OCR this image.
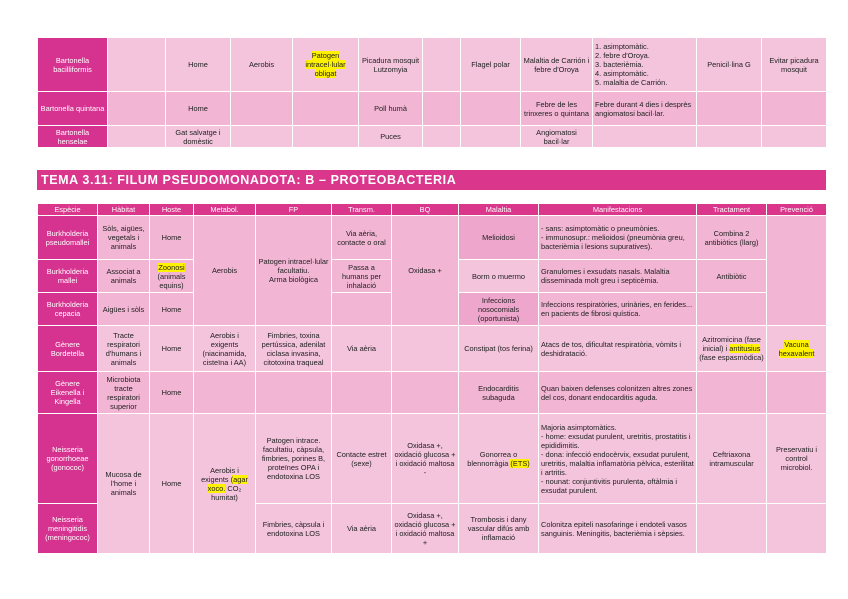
Bartonella bacilliformis		Home	Aerobis	Patogen intracel·lular obligat	Picadura mosquit Lutzomyia		Flagel polar	Malaltia de Carrión i febre d'Oroya	1. asimptomàtic.
2. febre d'Oroya.
3. bacterièmia.
4. asimptomàtic.
5. malaltia de Carrión.	Penicil·lina G	Evitar picadura mosquit
Bartonella quintana		Home			Poll humà			Febre de les trinxeres o quintana	Febre durant 4 dies i desprès angiomatosi bacil·lar.		
Bartonella henselae		Gat salvatge i domèstic			Puces			Angiomatosi bacil·lar			
TEMA 3.11: FILUM PSEUDOMONADOTA: B – PROTEOBACTERIA
Espècie	Hàbitat	Hoste	Metabol.	FP	Transm.	BQ	Malaltia	Manifestacions	Tractament	Prevenció
Burkholderia pseudomallei	Sòls, aigües, vegetals i animals	Home	Aerobis	Patogen intracel·lular facultatiu.
Arma biològica	Via aèria, contacte o oral	Oxidasa +	Melioidosi	- sans: asimptomàtic o pneumònies.
- immunosupr.: melioidosi (pneumònia greu, bacterièmia i lesions supuratives).	Combina 2 antibiòtics (llarg)	
Burkholderia mallei	Associat a animals	Zoonosi (animals equins)			Passa a humans per inhalació		Borm o muermo	Granulomes i exsudats nasals. Malaltia disseminada molt greu i septicèmia.	Antibiòtic	
Burkholderia cepacia	Aigües i sòls	Home					Infeccions nosocomials (oportunista)	Infeccions respiratòries, urinàries, en ferides... en pacients de fibrosi quística.		
Gènere Bordetella	Tracte respiratori d'humans i animals	Home	Aerobis i exigents (niacinamida, cisteïna i AA)	Fimbries, toxina pertússica, adenilat ciclasa invasina, citotoxina traqueal	Via aèria		Constipat (tos ferina)	Atacs de tos, dificultat respiratòria, vòmits i deshidratació.	Azitromicina (fase inicial) i antitusius (fase espasmòdica)	Vacuna hexavalent
Gènere Eikenella i Kingella	Microbiota tracte respiratori superior	Home					Endocarditis subaguda	Quan baixen defenses colonitzen altres zones del cos, donant endocarditis aguda.		
Neisseria gonorrhoeae (gonococ)	Mucosa de l'home i animals	Home	Aerobis i exigents (agar xoco. CO₂ humitat)	Patogen intrace. facultatiu, càpsula, fimbries, porines B, proteïnes OPA i endotoxina LOS	Contacte estret (sexe)	Oxidasa +, oxidació glucosa + i oxidació maltosa -	Gonorrea o blennorràgia (ETS)	Majoria asimptomàtics.
- home: exsudat purulent, uretritis, prostatitis i epididimitis.
- dona: infecció endocèrvix, exsudat purulent, uretritis, malaltia inflamatòria pèlvica, esterilitat i artritis.
- nounat: conjuntivitis purulenta, oftàlmia i exsudat purulent.	Ceftriaxona intramuscular	Preservatiu i control microbiol.
Neisseria meningitidis (meningococ)				Fimbries, càpsula i endotoxina LOS	Via aèria	Oxidasa +, oxidació glucosa + i oxidació maltosa +	Trombosis i dany vascular difús amb inflamació	Colonitza epiteli nasofaringe i endoteli vasos sanguinis. Meningitis, bacterièmia i sèpsies.		
